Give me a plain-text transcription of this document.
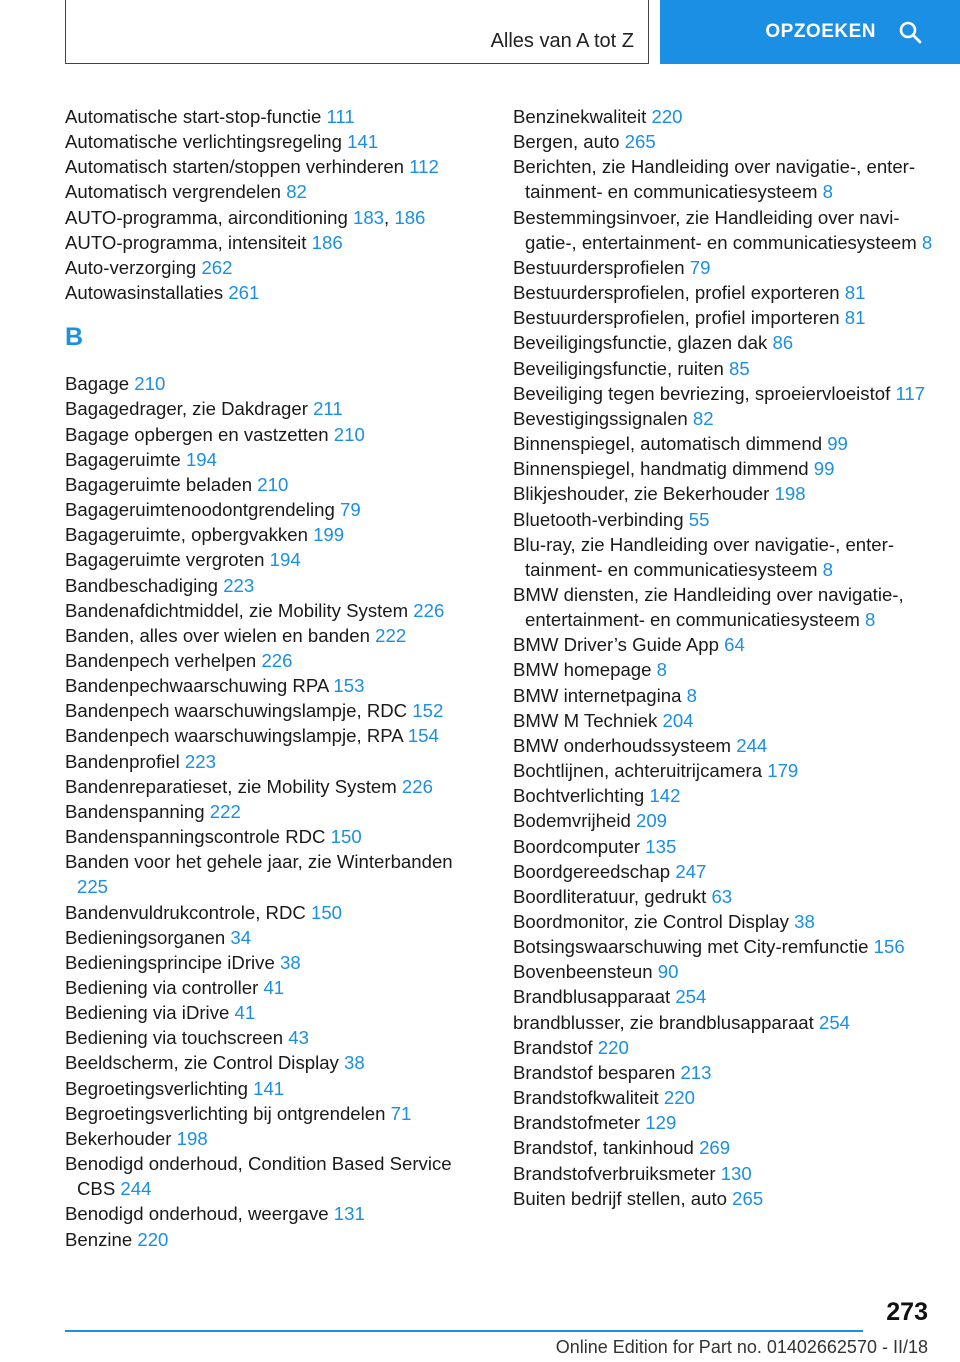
Alles van A tot Z	OPZOEKEN
Automatische start-stop-functie 111
Automatische verlichtingsregeling 141
Automatisch starten/stoppen verhinderen 112
Automatisch vergrendelen 82
AUTO-programma, airconditioning 183, 186
AUTO-programma, intensiteit 186
Auto-verzorging 262
Autowasinstallaties 261
B
Bagage 210
Bagagedrager, zie Dakdrager 211
Bagage opbergen en vastzetten 210
Bagageruimte 194
Bagageruimte beladen 210
Bagageruimtenoodontgrendeling 79
Bagageruimte, opbergvakken 199
Bagageruimte vergroten 194
Bandbeschadiging 223
Bandenafdichtmiddel, zie Mobility System 226
Banden, alles over wielen en banden 222
Bandenpech verhelpen 226
Bandenpechwaarschuwing RPA 153
Bandenpech waarschuwingslampje, RDC 152
Bandenpech waarschuwingslampje, RPA 154
Bandenprofiel 223
Bandenreparatieset, zie Mobility System 226
Bandenspanning 222
Bandenspanningscontrole RDC 150
Banden voor het gehele jaar, zie Winterbanden 225
Bandenvuldrukcontrole, RDC 150
Bedieningsorganen 34
Bedieningsprincipe iDrive 38
Bediening via controller 41
Bediening via iDrive 41
Bediening via touchscreen 43
Beeldscherm, zie Control Display 38
Begroetingsverlichting 141
Begroetingsverlichting bij ontgrendelen 71
Bekerhouder 198
Benodigd onderhoud, Condition Based Service CBS 244
Benodigd onderhoud, weergave 131
Benzine 220
Benzinekwaliteit 220
Bergen, auto 265
Berichten, zie Handleiding over navigatie-, entertainment- en communicatiesysteem 8
Bestemmingsinvoer, zie Handleiding over navigatie-, entertainment- en communicatiesysteem 8
Bestuurdersprofielen 79
Bestuurdersprofielen, profiel exporteren 81
Bestuurdersprofielen, profiel importeren 81
Beveiligingsfunctie, glazen dak 86
Beveiligingsfunctie, ruiten 85
Beveiliging tegen bevriezing, sproeiervloeistof 117
Bevestigingssignalen 82
Binnenspiegel, automatisch dimmend 99
Binnenspiegel, handmatig dimmend 99
Blikjeshouder, zie Bekerhouder 198
Bluetooth-verbinding 55
Blu-ray, zie Handleiding over navigatie-, entertainment- en communicatiesysteem 8
BMW diensten, zie Handleiding over navigatie-, entertainment- en communicatiesysteem 8
BMW Driver’s Guide App 64
BMW homepage 8
BMW internetpagina 8
BMW M Techniek 204
BMW onderhoudssysteem 244
Bochtlijnen, achteruitrijcamera 179
Bochtverlichting 142
Bodemvrijheid 209
Boordcomputer 135
Boordgereedschap 247
Boordliteratuur, gedrukt 63
Boordmonitor, zie Control Display 38
Botsingswaarschuwing met City-remfunctie 156
Bovenbeensteun 90
Brandblusapparaat 254
brandblusser, zie brandblusapparaat 254
Brandstof 220
Brandstof besparen 213
Brandstofkwaliteit 220
Brandstofmeter 129
Brandstof, tankinhoud 269
Brandstofverbruiksmeter 130
Buiten bedrijf stellen, auto 265
273
Online Edition for Part no. 01402662570 - II/18
